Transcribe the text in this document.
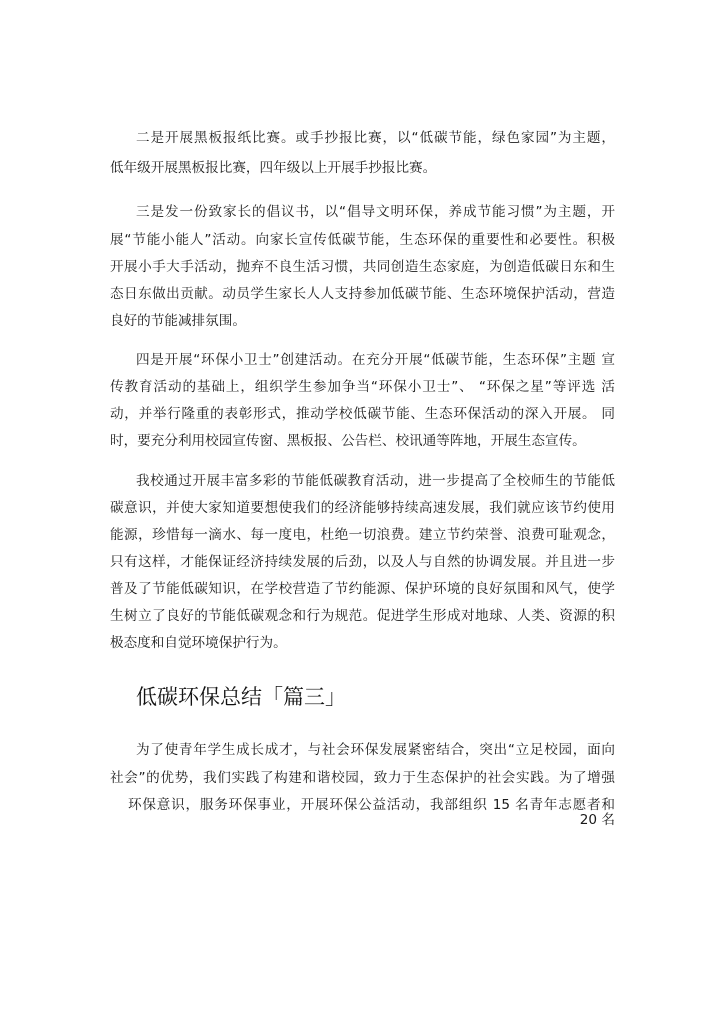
二是开展黑板报纸比赛。或手抄报比赛，以“低碳节能，绿色家园”为主题，
低年级开展黑板报比赛，四年级以上开展手抄报比赛。
三是发一份致家长的倡议书，以“倡导文明环保，养成节能习惯”为主题，开
展“节能小能人”活动。向家长宣传低碳节能，生态环保的重要性和必要性。积极
开展小手大手活动，抛弃不良生活习惯，共同创造生态家庭，为创造低碳日东和生
态日东做出贡献。动员学生家长人人支持参加低碳节能、生态环境保护活动，营造
良好的节能减排氛围。
四是开展“环保小卫士”创建活动。在充分开展“低碳节能，生态环保”主题 宣
传教育活动的基础上，组织学生参加争当“环保小卫士”、 “环保之星”等评选 活
动，并举行隆重的表彰形式，推动学校低碳节能、生态环保活动的深入开展。 同
时，要充分利用校园宣传窗、黑板报、公告栏、校讯通等阵地，开展生态宣传。
我校通过开展丰富多彩的节能低碳教育活动，进一步提高了全校师生的节能低
碳意识，并使大家知道要想使我们的经济能够持续高速发展，我们就应该节约使用
能源，珍惜每一滴水、每一度电，杜绝一切浪费。建立节约荣誉、浪费可耻观念，
只有这样，才能保证经济持续发展的后劲，以及人与自然的协调发展。并且进一步
普及了节能低碳知识，在学校营造了节约能源、保护环境的良好氛围和风气，使学
生树立了良好的节能低碳观念和行为规范。促进学生形成对地球、人类、资源的积
极态度和自觉环境保护行为。
低碳环保总结「篇三」
为了使青年学生成长成才，与社会环保发展紧密结合，突出“立足校园，面向
社会”的优势，我们实践了构建和谐校园，致力于生态保护的社会实践。为了增强
环保意识，服务环保事业，开展环保公益活动，我部组织 15 名青年志愿者和
20 名
